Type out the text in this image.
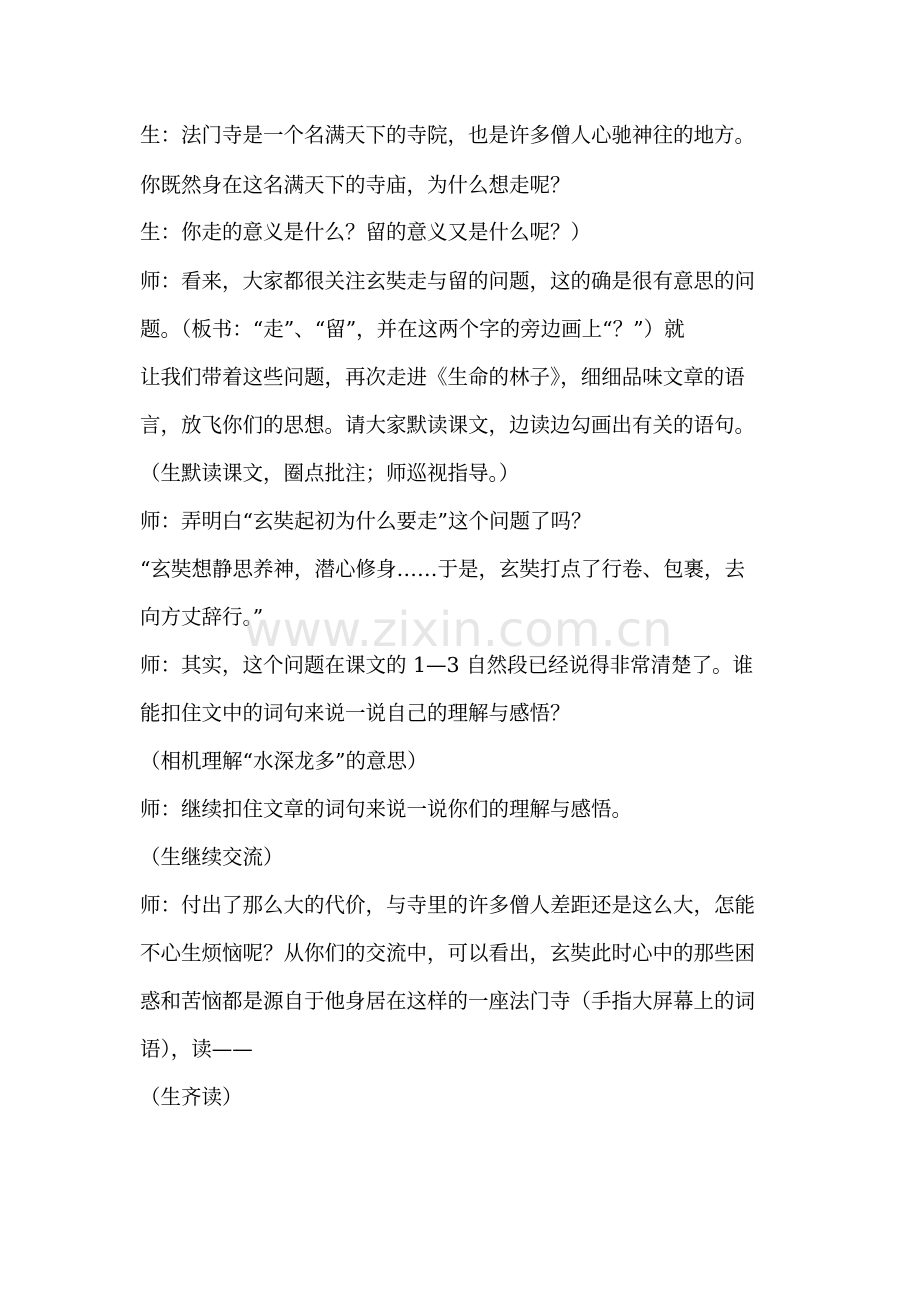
生：法门寺是一个名满天下的寺院，也是许多僧人心驰神往的地方。
你既然身在这名满天下的寺庙，为什么想走呢？
生：你走的意义是什么？留的意义又是什么呢？）
师：看来，大家都很关注玄奘走与留的问题，这的确是很有意思的问
题。（板书：“走”、“留”，并在这两个字的旁边画上“？”）就
让我们带着这些问题，再次走进《生命的林子》，细细品味文章的语
言，放飞你们的思想。请大家默读课文，边读边勾画出有关的语句。
（生默读课文，圈点批注；师巡视指导。）
师：弄明白“玄奘起初为什么要走”这个问题了吗？
“玄奘想静思养神，潜心修身……于是，玄奘打点了行卷、包裹，去
向方丈辞行。”
师：其实，这个问题在课文的 1—3 自然段已经说得非常清楚了。谁
能扣住文中的词句来说一说自己的理解与感悟？
（相机理解“水深龙多”的意思）
师：继续扣住文章的词句来说一说你们的理解与感悟。
（生继续交流）
师：付出了那么大的代价，与寺里的许多僧人差距还是这么大，怎能
不心生烦恼呢？从你们的交流中，可以看出，玄奘此时心中的那些困
惑和苦恼都是源自于他身居在这样的一座法门寺（手指大屏幕上的词
语），读——
（生齐读）
www.zixin.com.cn
